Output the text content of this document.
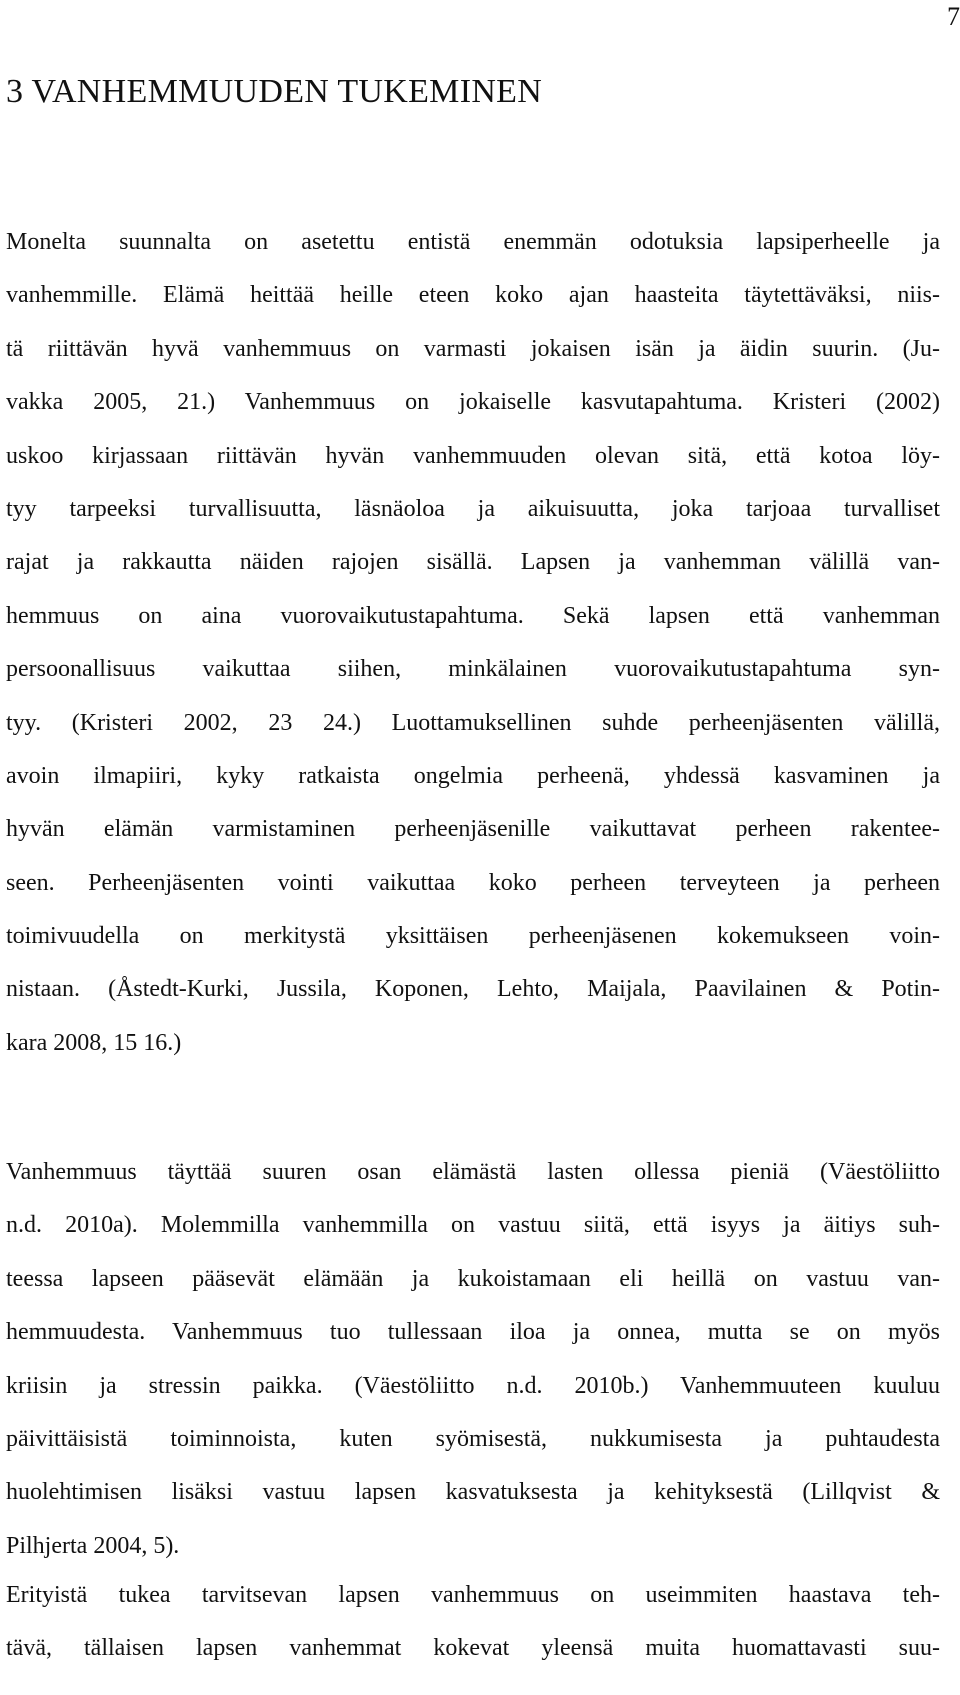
7
3 VANHEMMUUDEN TUKEMINEN
Monelta suunnalta on asetettu entistä enemmän odotuksia lapsiperheelle ja
vanhemmille. Elämä heittää heille eteen koko ajan haasteita täytettäväksi, niis-
tä riittävän hyvä vanhemmuus on varmasti jokaisen isän ja äidin suurin. (Ju-
vakka 2005, 21.) Vanhemmuus on jokaiselle kasvutapahtuma. Kristeri (2002)
uskoo kirjassaan riittävän hyvän vanhemmuuden olevan sitä, että kotoa löy-
tyy tarpeeksi turvallisuutta, läsnäoloa ja aikuisuutta, joka tarjoaa turvalliset
rajat ja rakkautta näiden rajojen sisällä. Lapsen ja vanhemman välillä van-
hemmuus on aina vuorovaikutustapahtuma. Sekä lapsen että vanhemman
persoonallisuus vaikuttaa siihen, minkälainen vuorovaikutustapahtuma syn-
tyy. (Kristeri 2002, 23 24.) Luottamuksellinen suhde perheenjäsenten välillä,
avoin ilmapiiri, kyky ratkaista ongelmia perheenä, yhdessä kasvaminen ja
hyvän elämän varmistaminen perheenjäsenille vaikuttavat perheen rakentee-
seen. Perheenjäsenten vointi vaikuttaa koko perheen terveyteen ja perheen
toimivuudella on merkitystä yksittäisen perheenjäsenen kokemukseen voin-
nistaan. (Åstedt-Kurki, Jussila, Koponen, Lehto, Maijala, Paavilainen & Potin-
kara 2008, 15 16.)
Vanhemmuus täyttää suuren osan elämästä lasten ollessa pieniä (Väestöliitto
n.d. 2010a). Molemmilla vanhemmilla on vastuu siitä, että isyys ja äitiys suh-
teessa lapseen pääsevät elämään ja kukoistamaan eli heillä on vastuu van-
hemmuudesta. Vanhemmuus tuo tullessaan iloa ja onnea, mutta se on myös
kriisin ja stressin paikka. (Väestöliitto n.d. 2010b.) Vanhemmuuteen kuuluu
päivittäisistä toiminnoista, kuten syömisestä, nukkumisesta ja puhtaudesta
huolehtimisen lisäksi vastuu lapsen kasvatuksesta ja kehityksestä (Lillqvist &
Pilhjerta 2004, 5).
Erityistä tukea tarvitsevan lapsen vanhemmuus on useimmiten haastava teh-
tävä, tällaisen lapsen vanhemmat kokevat yleensä muita huomattavasti suu-
